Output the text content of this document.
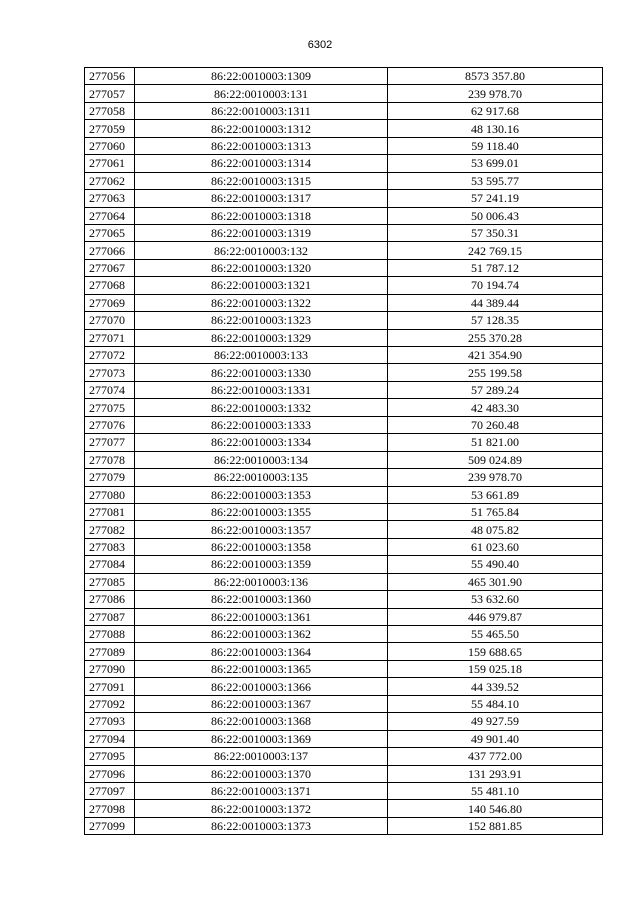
6302
277056	86:22:0010003:1309	8573 357.80
277057	86:22:0010003:131	239 978.70
277058	86:22:0010003:1311	62 917.68
277059	86:22:0010003:1312	48 130.16
277060	86:22:0010003:1313	59 118.40
277061	86:22:0010003:1314	53 699.01
277062	86:22:0010003:1315	53 595.77
277063	86:22:0010003:1317	57 241.19
277064	86:22:0010003:1318	50 006.43
277065	86:22:0010003:1319	57 350.31
277066	86:22:0010003:132	242 769.15
277067	86:22:0010003:1320	51 787.12
277068	86:22:0010003:1321	70 194.74
277069	86:22:0010003:1322	44 389.44
277070	86:22:0010003:1323	57 128.35
277071	86:22:0010003:1329	255 370.28
277072	86:22:0010003:133	421 354.90
277073	86:22:0010003:1330	255 199.58
277074	86:22:0010003:1331	57 289.24
277075	86:22:0010003:1332	42 483.30
277076	86:22:0010003:1333	70 260.48
277077	86:22:0010003:1334	51 821.00
277078	86:22:0010003:134	509 024.89
277079	86:22:0010003:135	239 978.70
277080	86:22:0010003:1353	53 661.89
277081	86:22:0010003:1355	51 765.84
277082	86:22:0010003:1357	48 075.82
277083	86:22:0010003:1358	61 023.60
277084	86:22:0010003:1359	55 490.40
277085	86:22:0010003:136	465 301.90
277086	86:22:0010003:1360	53 632.60
277087	86:22:0010003:1361	446 979.87
277088	86:22:0010003:1362	55 465.50
277089	86:22:0010003:1364	159 688.65
277090	86:22:0010003:1365	159 025.18
277091	86:22:0010003:1366	44 339.52
277092	86:22:0010003:1367	55 484.10
277093	86:22:0010003:1368	49 927.59
277094	86:22:0010003:1369	49 901.40
277095	86:22:0010003:137	437 772.00
277096	86:22:0010003:1370	131 293.91
277097	86:22:0010003:1371	55 481.10
277098	86:22:0010003:1372	140 546.80
277099	86:22:0010003:1373	152 881.85
